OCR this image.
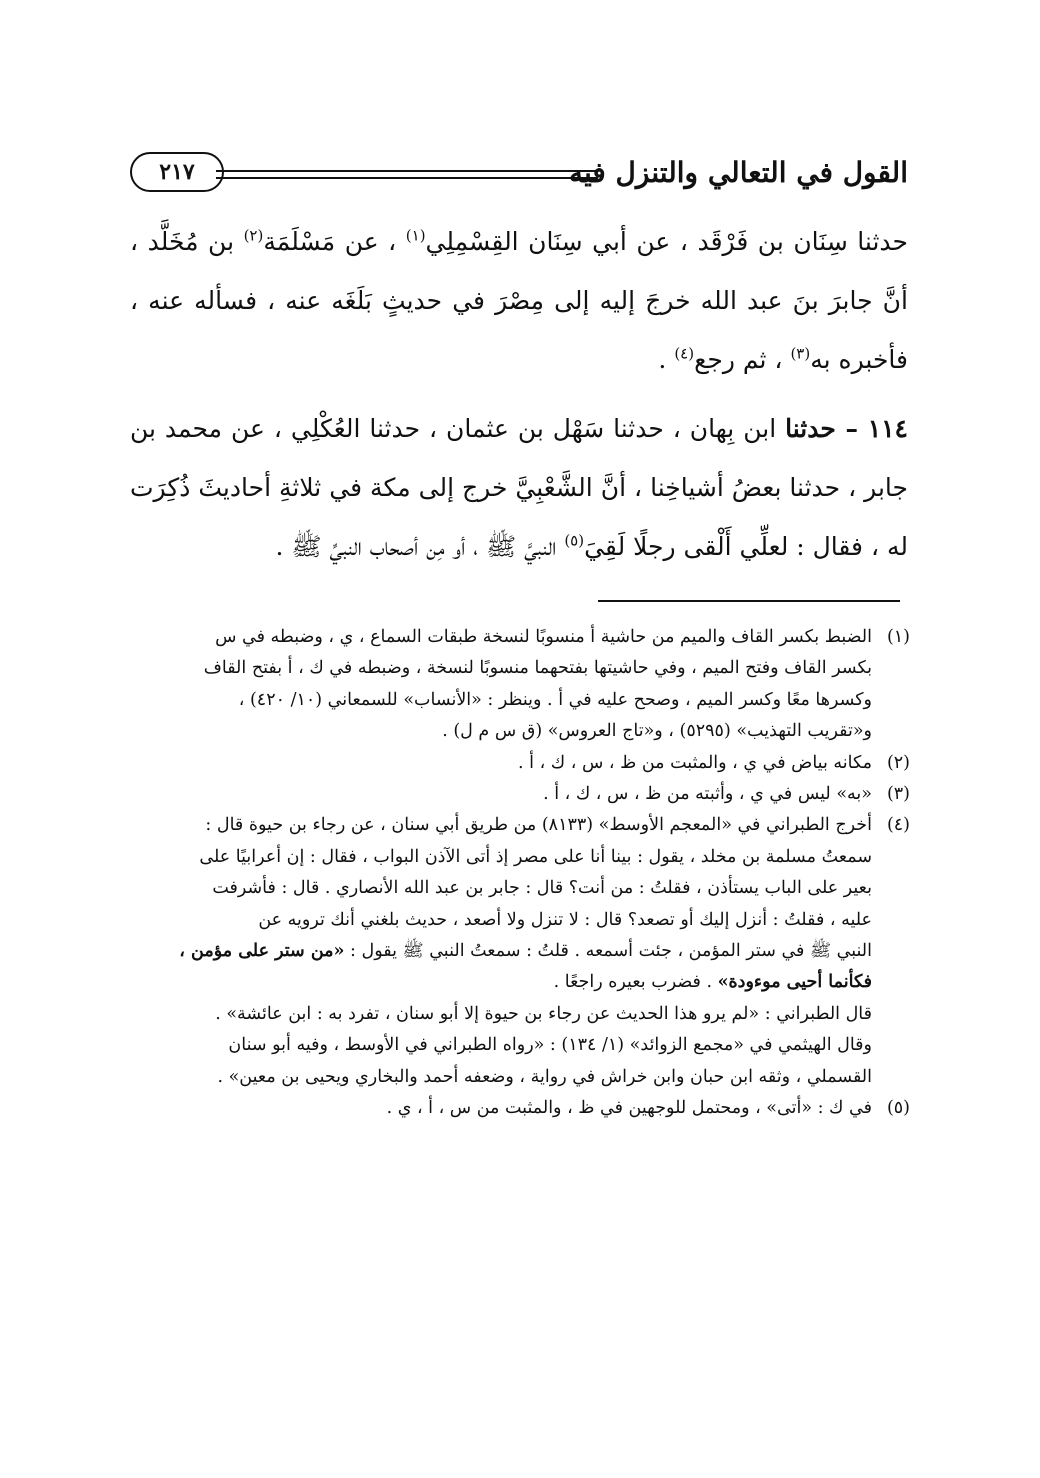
القول في التعالي والتنزل فيه
٢١٧

حدثنا سِنَان بن فَرْقَد ، عن أبي سِنَان القِسْمِلِي$^{(١)}$ ، عن مَسْلَمَة$^{(٢)}$ بن مُخَلَّد ، أنَّ جابرَ بنَ عبد الله خرجَ إليه إلى مِصْرَ في حديثٍ بَلَغَه عنه ، فسأله عنه ، فأخبره به$^{(٣)}$ ، ثم رجع$^{(٤)}$ .

١١٤ – حدثنا ابن بِهان ، حدثنا سَهْل بن عثمان ، حدثنا العُكْلِي ، عن محمد بن جابر ، حدثنا بعضُ أشياخِنا ، أنَّ الشَّعْبِيَّ خرج إلى مكة في ثلاثةِ أحاديثَ ذُكِرَت له ، فقال : لعلِّي أَلْقى رجلًا لَقِيَ$^{(٥)}$ النبيَّ ﷺ ، أو مِن أصحاب النبيِّ ﷺ .

(١)
الضبط بكسر القاف والميم من حاشية أ منسوبًا لنسخة طبقات السماع ، ي ، وضبطه في س
بكسر القاف وفتح الميم ، وفي حاشيتها بفتحهما منسوبًا لنسخة ، وضبطه في ك ، أ بفتح القاف
وكسرها معًا وكسر الميم ، وصحح عليه في أ . وينظر : «الأنساب» للسمعاني (١٠/ ٤٢٠) ،
و«تقريب التهذيب» (٥٢٩٥) ، و«تاج العروس» (ق س م ل) .
(٢)
مكانه بياض في ي ، والمثبت من ظ ، س ، ك ، أ .
(٣)
«به» ليس في ي ، وأثبته من ظ ، س ، ك ، أ .
(٤)
أخرج الطبراني في «المعجم الأوسط» (٨١٣٣) من طريق أبي سنان ، عن رجاء بن حيوة قال :
سمعتُ مسلمة بن مخلد ، يقول : بينا أنا على مصر إذ أتى الآذن البواب ، فقال : إن أعرابيًا على
بعير على الباب يستأذن ، فقلتُ : من أنت؟ قال : جابر بن عبد الله الأنصاري . قال : فأشرفت
عليه ، فقلتُ : أنزل إليك أو تصعد؟ قال : لا تنزل ولا أصعد ، حديث بلغني أنك ترويه عن
النبي ﷺ في ستر المؤمن ، جئت أسمعه . قلتُ : سمعتُ النبي ﷺ يقول : «من ستر على مؤمن ،
فكأنما أحيى موءودة» . فضرب بعيره راجعًا .
قال الطبراني : «لم يرو هذا الحديث عن رجاء بن حيوة إلا أبو سنان ، تفرد به : ابن عائشة» .
وقال الهيثمي في «مجمع الزوائد» (١/ ١٣٤) : «رواه الطبراني في الأوسط ، وفيه أبو سنان
القسملي ، وثقه ابن حبان وابن خراش في رواية ، وضعفه أحمد والبخاري ويحيى بن معين» .
(٥)
في ك : «أتى» ، ومحتمل للوجهين في ظ ، والمثبت من س ، أ ، ي .
